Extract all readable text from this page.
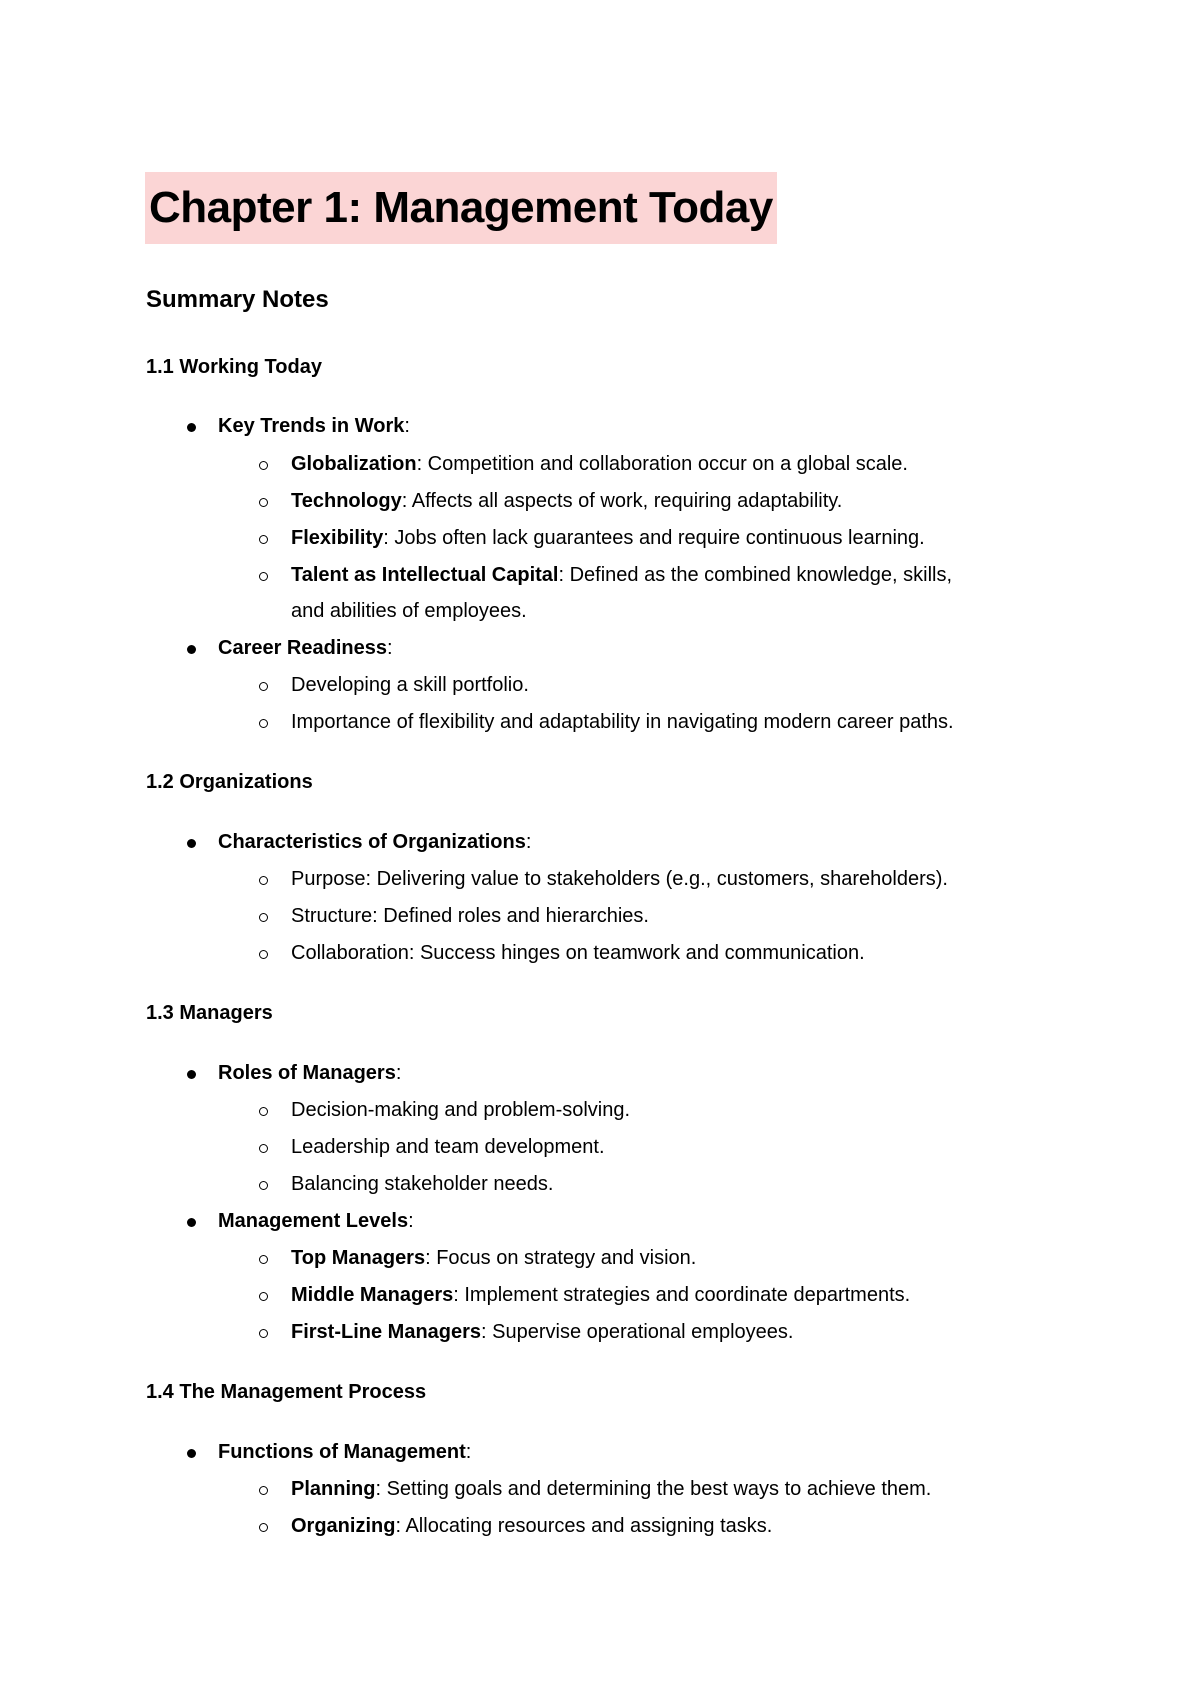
Chapter 1: Management Today
Summary Notes
1.1 Working Today
Key Trends in Work:
Globalization: Competition and collaboration occur on a global scale.
Technology: Affects all aspects of work, requiring adaptability.
Flexibility: Jobs often lack guarantees and require continuous learning.
Talent as Intellectual Capital: Defined as the combined knowledge, skills,
and abilities of employees.
Career Readiness:
Developing a skill portfolio.
Importance of flexibility and adaptability in navigating modern career paths.
1.2 Organizations
Characteristics of Organizations:
Purpose: Delivering value to stakeholders (e.g., customers, shareholders).
Structure: Defined roles and hierarchies.
Collaboration: Success hinges on teamwork and communication.
1.3 Managers
Roles of Managers:
Decision-making and problem-solving.
Leadership and team development.
Balancing stakeholder needs.
Management Levels:
Top Managers: Focus on strategy and vision.
Middle Managers: Implement strategies and coordinate departments.
First-Line Managers: Supervise operational employees.
1.4 The Management Process
Functions of Management:
Planning: Setting goals and determining the best ways to achieve them.
Organizing: Allocating resources and assigning tasks.
